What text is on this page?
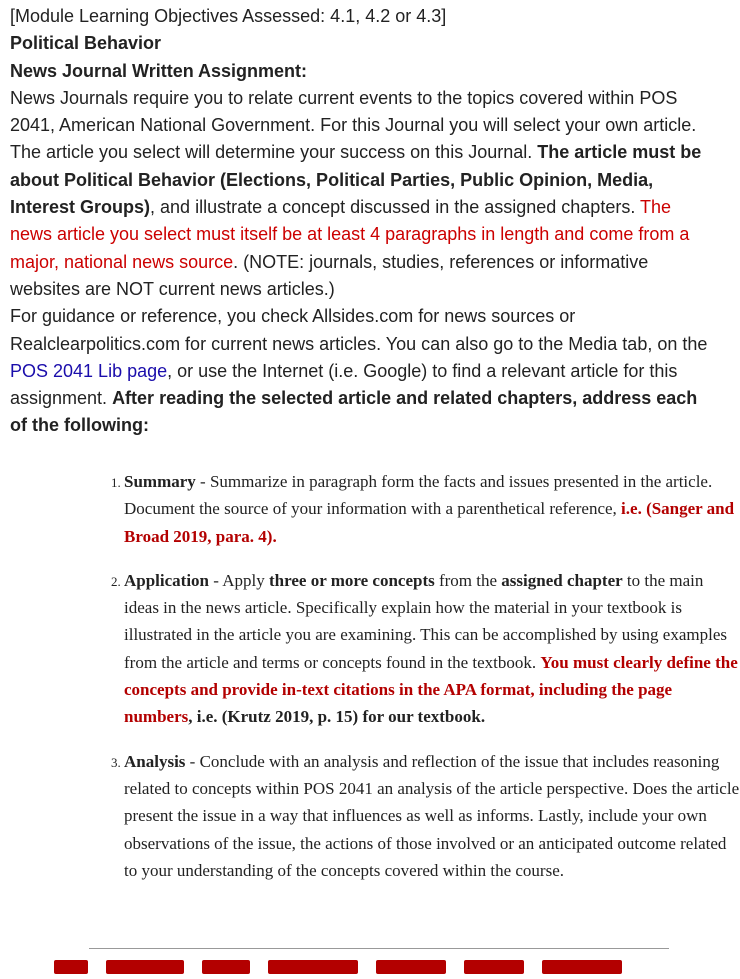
[Module Learning Objectives Assessed: 4.1, 4.2 or 4.3]

Political Behavior

News Journal Written Assignment:

News Journals require you to relate current events to the topics covered within POS 2041, American National Government. For this Journal you will select your own article. The article you select will determine your success on this Journal. The article must be about Political Behavior (Elections, Political Parties, Public Opinion, Media, Interest Groups), and illustrate a concept discussed in the assigned chapters. The news article you select must itself be at least 4 paragraphs in length and come from a major, national news source. (NOTE: journals, studies, references or informative websites are NOT current news articles.)

For guidance or reference, you check Allsides.com for news sources or Realclearpolitics.com for current news articles. You can also go to the Media tab, on the POS 2041 Lib page, or use the Internet (i.e. Google) to find a relevant article for this assignment. After reading the selected article and related chapters, address each of the following:

1. Summary - Summarize in paragraph form the facts and issues presented in the article. Document the source of your information with a parenthetical reference, i.e. (Sanger and Broad 2019, para. 4).
2. Application - Apply three or more concepts from the assigned chapter to the main ideas in the news article. Specifically explain how the material in your textbook is illustrated in the article you are examining. This can be accomplished by using examples from the article and terms or concepts found in the textbook. You must clearly define the concepts and provide in-text citations in the APA format, including the page numbers, i.e. (Krutz 2019, p. 15) for our textbook.
3. Analysis - Conclude with an analysis and reflection of the issue that includes reasoning related to concepts within POS 2041 an analysis of the article perspective. Does the article present the issue in a way that influences as well as informs. Lastly, include your own observations of the issue, the actions of those involved or an anticipated outcome related to your understanding of the concepts covered within the course.
